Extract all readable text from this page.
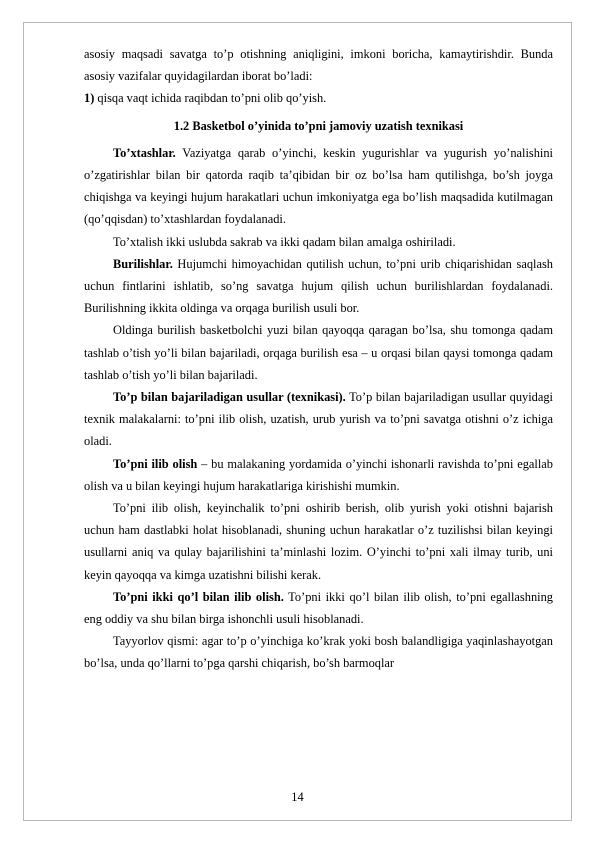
asosiy maqsadi savatga to’p otishning aniqligini, imkoni boricha, kamaytirishdir. Bunda asosiy vazifalar quyidagilardan iborat bo’ladi:

1) qisqa vaqt ichida raqibdan to’pni olib qo’yish.

1.2 Basketbol o’yinida to’pni jamoviy uzatish texnikasi

To’xtashlar. Vaziyatga qarab o’yinchi, keskin yugurishlar va yugurish yo’nalishini o’zgatirishlar bilan bir qatorda raqib ta’qibidan bir oz bo’lsa ham qutilishga, bo’sh joyga chiqishga va keyingi hujum harakatlari uchun imkoniyatga ega bo’lish maqsadida kutilmagan (qo’qqisdan) to’xtashlardan foydalanadi.

To’xtalish ikki uslubda sakrab va ikki qadam bilan amalga oshiriladi.

Burilishlar. Hujumchi himoyachidan qutilish uchun, to’pni urib chiqarishidan saqlash uchun fintlarini ishlatib, so’ng savatga hujum qilish uchun burilishlardan foydalanadi. Burilishning ikkita oldinga va orqaga burilish usuli bor.

Oldinga burilish basketbolchi yuzi bilan qayoqqa qaragan bo’lsa, shu tomonga qadam tashlab o’tish yo’li bilan bajariladi, orqaga burilish esa – u orqasi bilan qaysi tomonga qadam tashlab o’tish yo’li bilan bajariladi.

To’p bilan bajariladigan usullar (texnikasi). To’p bilan bajariladigan usullar quyidagi texnik malakalarni: to’pni ilib olish, uzatish, urub yurish va to’pni savatga otishni o’z ichiga oladi.

To’pni ilib olish – bu malakaning yordamida o’yinchi ishonarli ravishda to’pni egallab olish va u bilan keyingi hujum harakatlariga kirishishi mumkin.

To’pni ilib olish, keyinchalik to’pni oshirib berish, olib yurish yoki otishni bajarish uchun ham dastlabki holat hisoblanadi, shuning uchun harakatlar o’z tuzilishsi bilan keyingi usullarni aniq va qulay bajarilishini ta’minlashi lozim. O’yinchi to’pni xali ilmay turib, uni keyin qayoqqa va kimga uzatishni bilishi kerak.

To’pni ikki qo’l bilan ilib olish. To’pni ikki qo’l bilan ilib olish, to’pni egallashning eng oddiy va shu bilan birga ishonchli usuli hisoblanadi.

Tayyorlov qismi: agar to’p o’yinchiga ko’krak yoki bosh balandligiga yaqinlashayotgan bo’lsa, unda qo’llarni to’pga qarshi chiqarish, bo’sh barmoqlar

14
